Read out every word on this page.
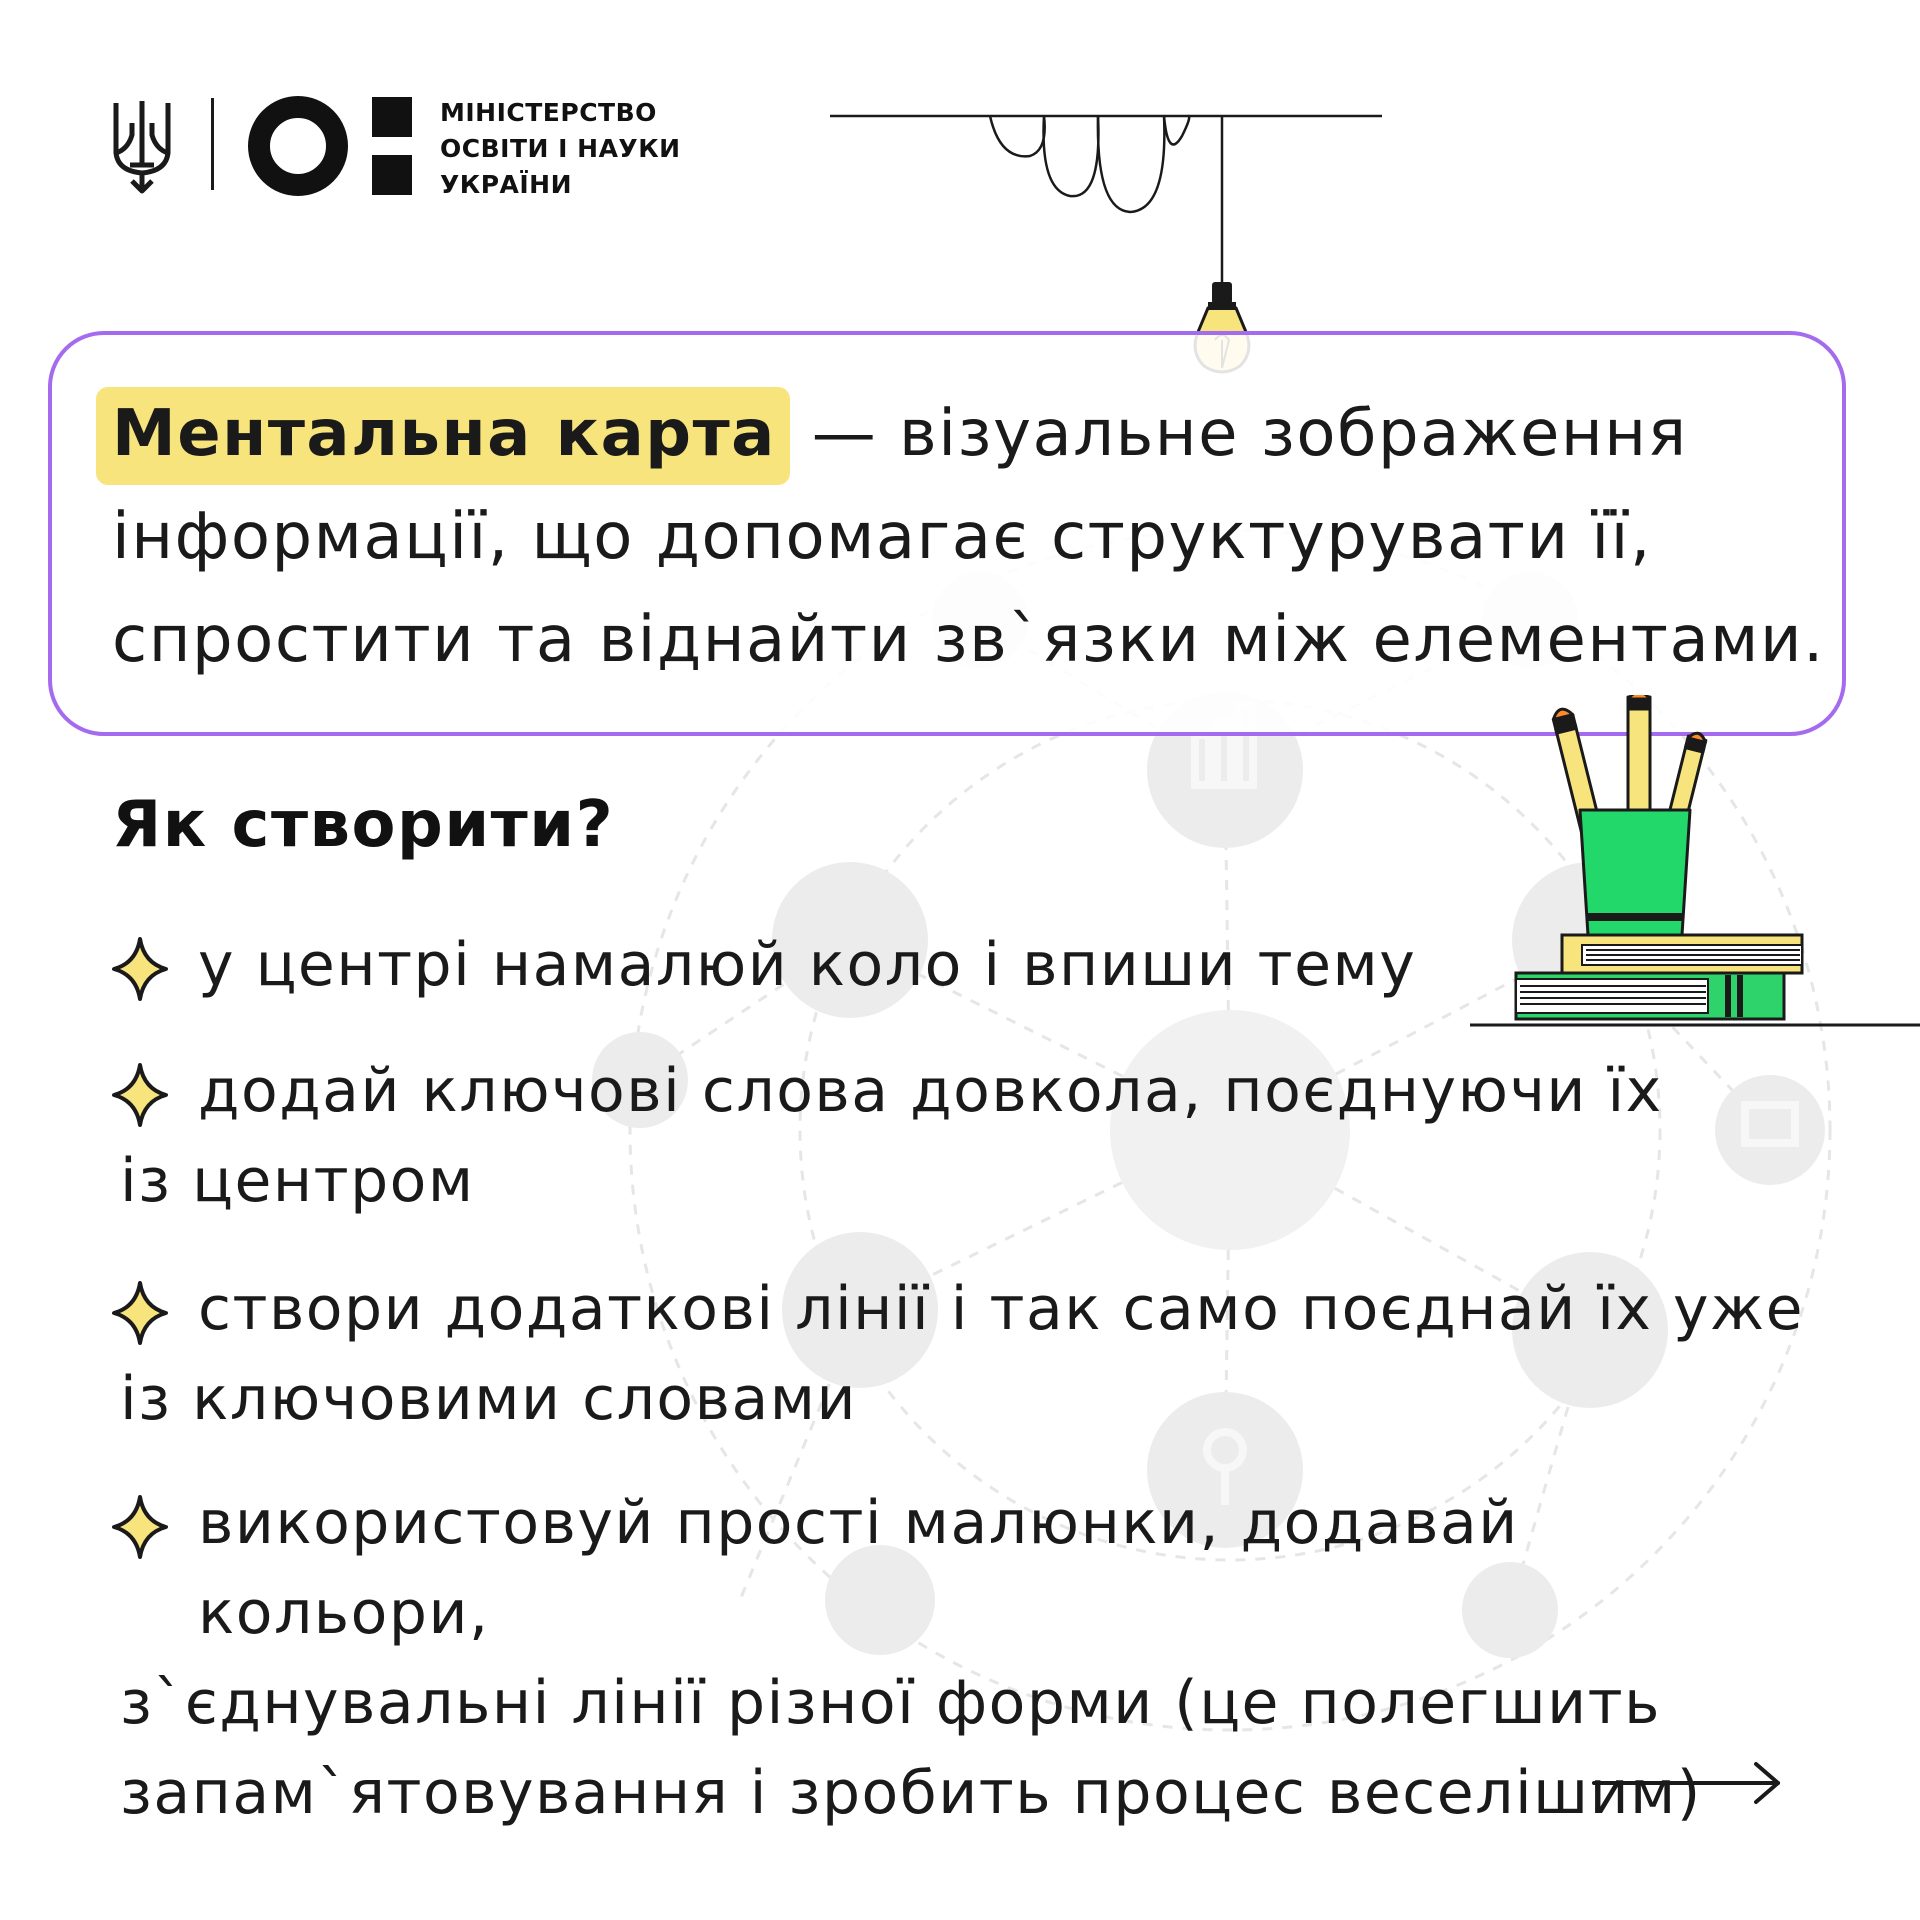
МІНІСТЕРСТВО
ОСВІТИ І НАУКИ
УКРАЇНИ
Ментальна карта — візуальне зображення інформації, що допомагає структурувати її, спростити та віднайти зв`язки між елементами.
Як створити?
у центрі намалюй коло і впиши тему
додай ключові слова довкола, поєднуючи їх
із центром
створи додаткові лінії і так само поєднай їх уже
із ключовими словами
використовуй прості малюнки, додавай кольори,
з`єднувальні лінії різної форми (це полегшить запам`ятовування і зробить процес веселішим)
